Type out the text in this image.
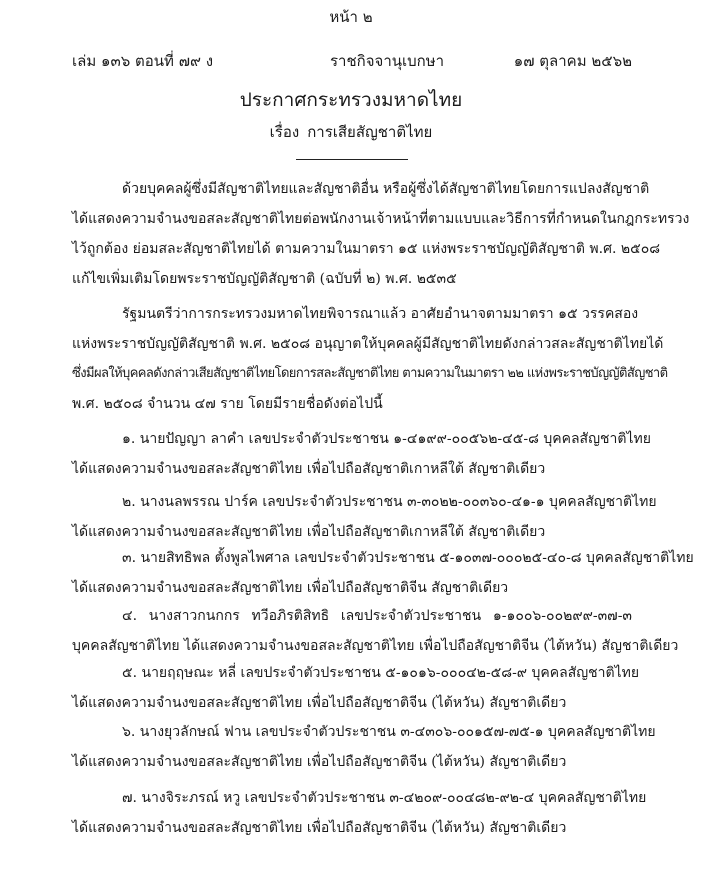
หน้า ๒
เล่ม ๑๓๖ ตอนที่ ๗๙ ง	ราชกิจจานุเบกษา	๑๗ ตุลาคม ๒๕๖๒
ประกาศกระทรวงมหาดไทย
เรื่อง การเสียสัญชาติไทย
ด้วยบุคคลผู้ซึ่งมีสัญชาติไทยและสัญชาติอื่น หรือผู้ซึ่งได้สัญชาติไทยโดยการแปลงสัญชาติ
ได้แสดงความจำนงขอสละสัญชาติไทยต่อพนักงานเจ้าหน้าที่ตามแบบและวิธีการที่กำหนดในกฎกระทรวง
ไว้ถูกต้อง ย่อมสละสัญชาติไทยได้ ตามความในมาตรา ๑๕ แห่งพระราชบัญญัติสัญชาติ พ.ศ. ๒๕๐๘
แก้ไขเพิ่มเติมโดยพระราชบัญญัติสัญชาติ (ฉบับที่ ๒) พ.ศ. ๒๕๓๕
รัฐมนตรีว่าการกระทรวงมหาดไทยพิจารณาแล้ว อาศัยอำนาจตามมาตรา ๑๕ วรรคสอง
แห่งพระราชบัญญัติสัญชาติ พ.ศ. ๒๕๐๘ อนุญาตให้บุคคลผู้มีสัญชาติไทยดังกล่าวสละสัญชาติไทยได้
ซึ่งมีผลให้บุคคลดังกล่าวเสียสัญชาติไทยโดยการสละสัญชาติไทย ตามความในมาตรา ๒๒ แห่งพระราชบัญญัติสัญชาติ
พ.ศ. ๒๕๐๘ จำนวน ๔๗ ราย โดยมีรายชื่อดังต่อไปนี้
๑. นายปัญญา ลาคำ เลขประจำตัวประชาชน ๑-๔๑๙๙-๐๐๕๖๒-๔๕-๘ บุคคลสัญชาติไทย
ได้แสดงความจำนงขอสละสัญชาติไทย เพื่อไปถือสัญชาติเกาหลีใต้ สัญชาติเดียว
๒. นางนลพรรณ ปาร์ค เลขประจำตัวประชาชน ๓-๓๐๒๒-๐๐๓๖๐-๔๑-๑ บุคคลสัญชาติไทย
ได้แสดงความจำนงขอสละสัญชาติไทย เพื่อไปถือสัญชาติเกาหลีใต้ สัญชาติเดียว
๓. นายสิทธิพล ตั้งพูลไพศาล เลขประจำตัวประชาชน ๕-๑๐๓๗-๐๐๐๒๕-๔๐-๘ บุคคลสัญชาติไทย
ได้แสดงความจำนงขอสละสัญชาติไทย เพื่อไปถือสัญชาติจีน สัญชาติเดียว
๔. นางสาวกนกกร ทวีอภิรติสิทธิ เลขประจำตัวประชาชน ๑-๑๐๐๖-๐๐๒๙๙-๓๗-๓
บุคคลสัญชาติไทย ได้แสดงความจำนงขอสละสัญชาติไทย เพื่อไปถือสัญชาติจีน (ไต้หวัน) สัญชาติเดียว
๕. นายฤฤษณะ หลี่ เลขประจำตัวประชาชน ๕-๑๐๑๖-๐๐๐๔๒-๕๘-๙ บุคคลสัญชาติไทย
ได้แสดงความจำนงขอสละสัญชาติไทย เพื่อไปถือสัญชาติจีน (ไต้หวัน) สัญชาติเดียว
๖. นางยุวลักษณ์ ฟาน เลขประจำตัวประชาชน ๓-๔๓๐๖-๐๐๑๕๗-๗๕-๑ บุคคลสัญชาติไทย
ได้แสดงความจำนงขอสละสัญชาติไทย เพื่อไปถือสัญชาติจีน (ไต้หวัน) สัญชาติเดียว
๗. นางจิระภรณ์ หวู เลขประจำตัวประชาชน ๓-๔๒๐๙-๐๐๔๘๒-๙๒-๔ บุคคลสัญชาติไทย
ได้แสดงความจำนงขอสละสัญชาติไทย เพื่อไปถือสัญชาติจีน (ไต้หวัน) สัญชาติเดียว
